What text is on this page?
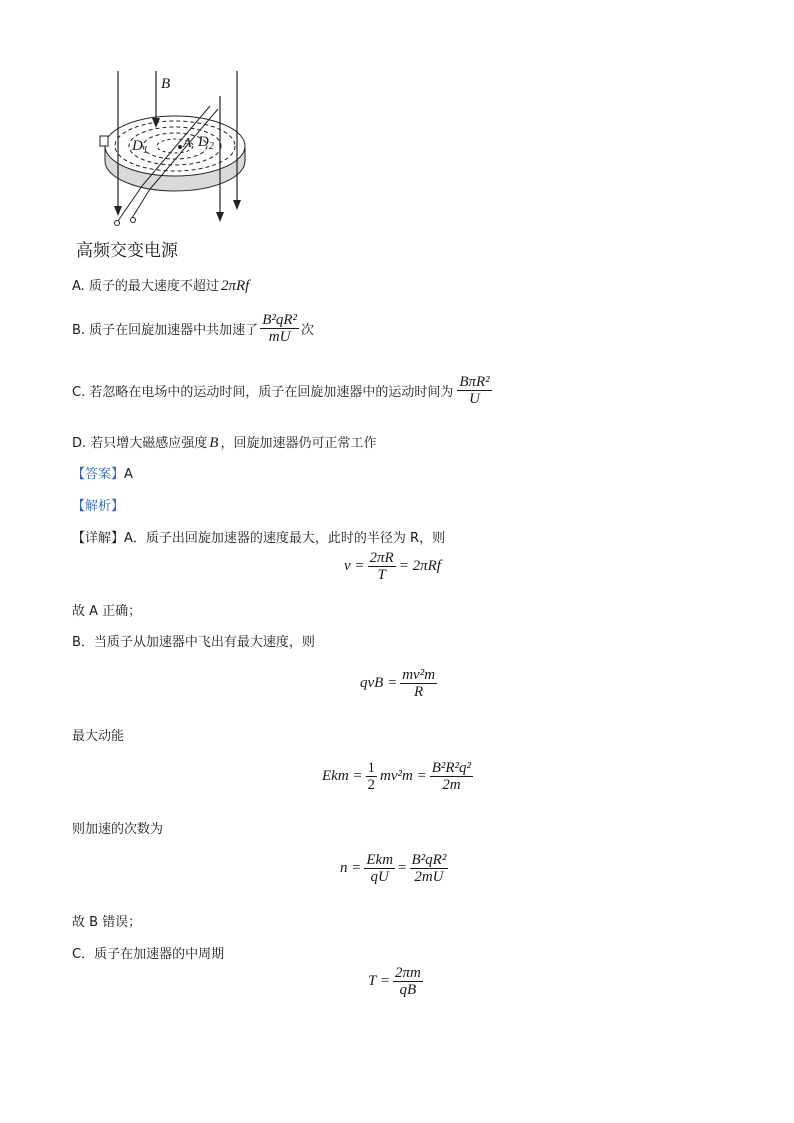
B
$D_1$	A $D_2$
高频交变电源
A. 质子的最大速度不超过 2πRf
B. 质子在回旋加速器中共加速了 $\frac{\text{B²qR²}}{mU}$ 次
C. 若忽略在电场中的运动时间，质子在回旋加速器中的运动时间为 $\frac{\text{BπR²}}{U}$
D. 若只增大磁感应强度 B ，回旋加速器仍可正常工作
【答案】A
【解析】
【详解】A．质子出回旋加速器的速度最大，此时的半径为 R，则
$v = \frac{2\pi R}{T} = 2\pi Rf$
故 A 正确；
B．当质子从加速器中飞出有最大速度，则
qvB = $\frac{\text{mv²m}}{R}$
最大动能
Ekm = $\frac{1}{2} mv^2m = \frac{\text{B²R²q²}}{2m}$
则加速的次数为
$n = \frac{\text{Ekm}}{qU} = \frac{\text{B²qR²}}{2mU}$
故 B 错误；
C．质子在加速器的中周期
$T = \frac{2\pi m}{qB}$
